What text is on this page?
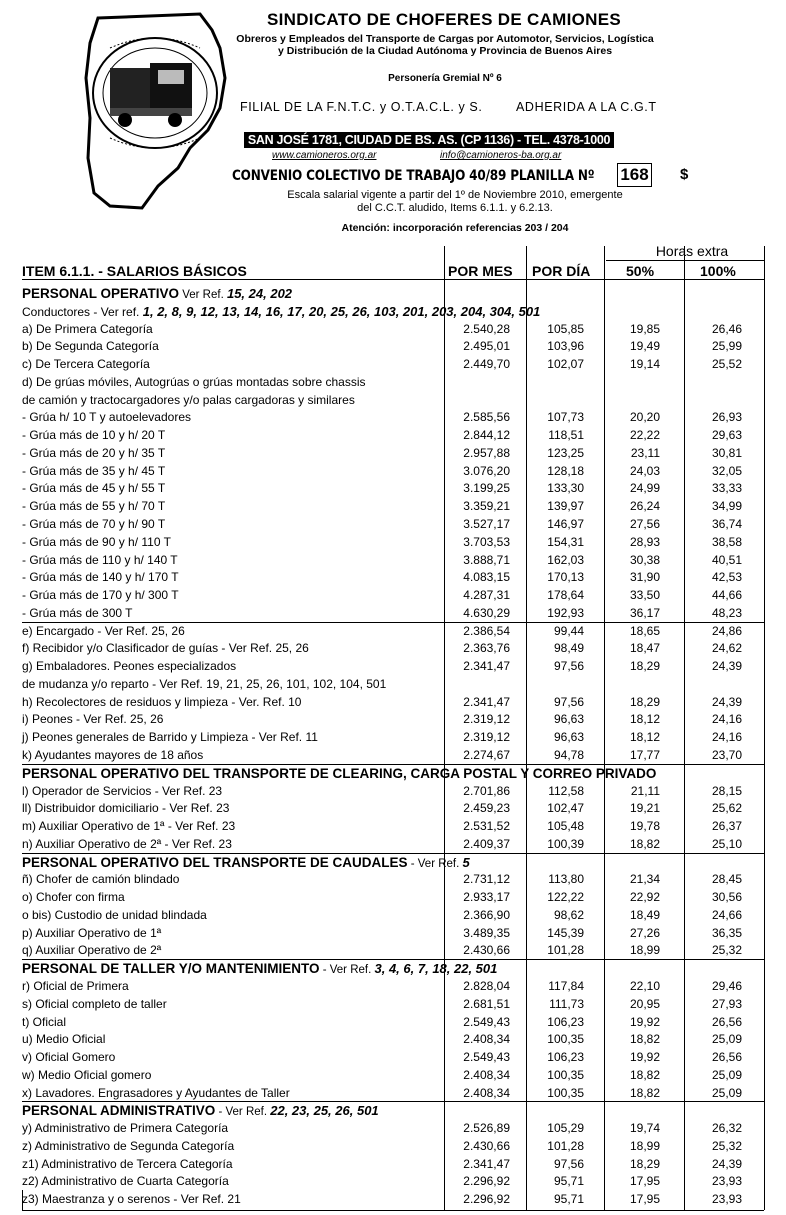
SINDICATO DE CHOFERES DE CAMIONES
Obreros y Empleados del Transporte de Cargas por Automotor, Servicios, Logística
y Distribución de la Ciudad Autónoma y Provincia de Buenos Aires
Personería Gremial Nº 6
FILIAL DE LA F.N.T.C. y O.T.A.C.L. y S.	ADHERIDA A LA C.G.T
SAN JOSÉ 1781, CIUDAD DE BS. AS. (CP 1136) - TEL. 4378-1000
www.camioneros.org.ar	info@camioneros-ba.org.ar
CONVENIO COLECTIVO DE TRABAJO 40/89 PLANILLA Nº 168 $
Escala salarial vigente a partir del 1º de Noviembre 2010, emergente
del C.C.T. aludido, Items 6.1.1. y 6.2.13.
Atención: incorporación referencias 203 / 204
Horas extra
ITEM 6.1.1. - SALARIOS BÁSICOS	POR MES POR DÍA	50%	100%
PERSONAL OPERATIVO Ver Ref. 15, 24, 202
Conductores - Ver ref. 1, 2, 8, 9, 12, 13, 14, 16, 17, 20, 25, 26, 103, 201, 203, 204, 304, 501
a) De Primera Categoría	2.540,28	105,85	19,85	26,46
b) De Segunda Categoría	2.495,01	103,96	19,49	25,99
c) De Tercera Categoría	2.449,70	102,07	19,14	25,52
d) De grúas móviles, Autogrúas o grúas montadas sobre chassis
de camión y tractocargadores y/o palas cargadoras y similares
- Grúa h/ 10 T y autoelevadores	2.585,56	107,73	20,20	26,93
- Grúa más de 10 y h/ 20 T	2.844,12	118,51	22,22	29,63
- Grúa más de 20 y h/ 35 T	2.957,88	123,25	23,11	30,81
- Grúa más de 35 y h/ 45 T	3.076,20	128,18	24,03	32,05
- Grúa más de 45 y h/ 55 T	3.199,25	133,30	24,99	33,33
- Grúa más de 55 y h/ 70 T	3.359,21	139,97	26,24	34,99
- Grúa más de 70 y h/ 90 T	3.527,17	146,97	27,56	36,74
- Grúa más de 90 y h/ 110 T	3.703,53	154,31	28,93	38,58
- Grúa más de 110 y h/ 140 T	3.888,71	162,03	30,38	40,51
- Grúa más de 140 y h/ 170 T	4.083,15	170,13	31,90	42,53
- Grúa más de 170 y h/ 300 T	4.287,31	178,64	33,50	44,66
- Grúa más de 300 T	4.630,29	192,93	36,17	48,23
e) Encargado - Ver Ref. 25, 26	2.386,54	99,44	18,65	24,86
f) Recibidor y/o Clasificador de guías - Ver Ref. 25, 26	2.363,76	98,49	18,47	24,62
g) Embaladores. Peones especializados	2.341,47	97,56	18,29	24,39
de mudanza y/o reparto - Ver Ref. 19, 21, 25, 26, 101, 102, 104, 501
h) Recolectores de residuos y limpieza - Ver. Ref. 10	2.341,47	97,56	18,29	24,39
i) Peones - Ver Ref. 25, 26	2.319,12	96,63	18,12	24,16
j) Peones generales de Barrido y Limpieza - Ver Ref. 11	2.319,12	96,63	18,12	24,16
k) Ayudantes mayores de 18 años	2.274,67	94,78	17,77	23,70
PERSONAL OPERATIVO DEL TRANSPORTE DE CLEARING, CARGA POSTAL Y CORREO PRIVADO
l) Operador de Servicios - Ver Ref. 23	2.701,86	112,58	21,11	28,15
ll) Distribuidor domiciliario - Ver Ref. 23	2.459,23	102,47	19,21	25,62
m) Auxiliar Operativo de 1ª - Ver Ref. 23	2.531,52	105,48	19,78	26,37
n) Auxiliar Operativo de 2ª - Ver Ref. 23	2.409,37	100,39	18,82	25,10
PERSONAL OPERATIVO DEL TRANSPORTE DE CAUDALES - Ver Ref. 5
ñ) Chofer de camión blindado	2.731,12	113,80	21,34	28,45
o) Chofer con firma	2.933,17	122,22	22,92	30,56
o bis) Custodio de unidad blindada	2.366,90	98,62	18,49	24,66
p) Auxiliar Operativo de 1ª	3.489,35	145,39	27,26	36,35
q) Auxiliar Operativo de 2ª	2.430,66	101,28	18,99	25,32
PERSONAL DE TALLER Y/O MANTENIMIENTO - Ver Ref. 3, 4, 6, 7, 18, 22, 501
r) Oficial de Primera	2.828,04	117,84	22,10	29,46
s) Oficial completo de taller	2.681,51	111,73	20,95	27,93
t) Oficial	2.549,43	106,23	19,92	26,56
u) Medio Oficial	2.408,34	100,35	18,82	25,09
v) Oficial Gomero	2.549,43	106,23	19,92	26,56
w) Medio Oficial gomero	2.408,34	100,35	18,82	25,09
x) Lavadores. Engrasadores y Ayudantes de Taller	2.408,34	100,35	18,82	25,09
PERSONAL ADMINISTRATIVO - Ver Ref. 22, 23, 25, 26, 501
y) Administrativo de Primera Categoría	2.526,89	105,29	19,74	26,32
z) Administrativo de Segunda Categoría	2.430,66	101,28	18,99	25,32
z1) Administrativo de Tercera Categoría	2.341,47	97,56	18,29	24,39
z2) Administrativo de Cuarta Categoría	2.296,92	95,71	17,95	23,93
z3) Maestranza y o serenos - Ver Ref. 21	2.296,92	95,71	17,95	23,93
